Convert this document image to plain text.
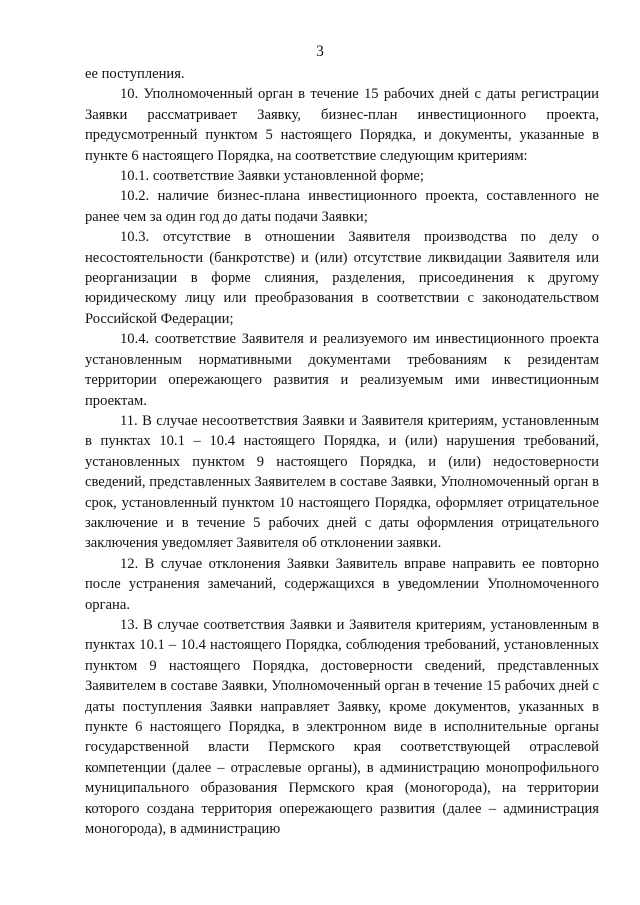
3

ее поступления.

10. Уполномоченный орган в течение 15 рабочих дней с даты регистрации Заявки рассматривает Заявку, бизнес-план инвестиционного проекта, предусмотренный пунктом 5 настоящего Порядка, и документы, указанные в пункте 6 настоящего Порядка, на соответствие следующим критериям:

10.1. соответствие Заявки установленной форме;

10.2. наличие бизнес-плана инвестиционного проекта, составленного не ранее чем за один год до даты подачи Заявки;

10.3. отсутствие в отношении Заявителя производства по делу о несостоятельности (банкротстве) и (или) отсутствие ликвидации Заявителя или реорганизации в форме слияния, разделения, присоединения к другому юридическому лицу или преобразования в соответствии с законодательством Российской Федерации;

10.4. соответствие Заявителя и реализуемого им инвестиционного проекта установленным нормативными документами требованиям к резидентам территории опережающего развития и реализуемым ими инвестиционным проектам.

11. В случае несоответствия Заявки и Заявителя критериям, установленным в пунктах 10.1 – 10.4 настоящего Порядка, и (или) нарушения требований, установленных пунктом 9 настоящего Порядка, и (или) недостоверности сведений, представленных Заявителем в составе Заявки, Уполномоченный орган в срок, установленный пунктом 10 настоящего Порядка, оформляет отрицательное заключение и в течение 5 рабочих дней с даты оформления отрицательного заключения уведомляет Заявителя об отклонении заявки.

12. В случае отклонения Заявки Заявитель вправе направить ее повторно после устранения замечаний, содержащихся в уведомлении Уполномоченного органа.

13. В случае соответствия Заявки и Заявителя критериям, установленным в пунктах 10.1 – 10.4 настоящего Порядка, соблюдения требований, установленных пунктом 9 настоящего Порядка, достоверности сведений, представленных Заявителем в составе Заявки, Уполномоченный орган в течение 15 рабочих дней с даты поступления Заявки направляет Заявку, кроме документов, указанных в пункте 6 настоящего Порядка, в электронном виде в исполнительные органы государственной власти Пермского края соответствующей отраслевой компетенции (далее – отраслевые органы), в администрацию монопрофильного муниципального образования Пермского края (моногорода), на территории которого создана территория опережающего развития (далее – администрация моногорода), в администрацию
